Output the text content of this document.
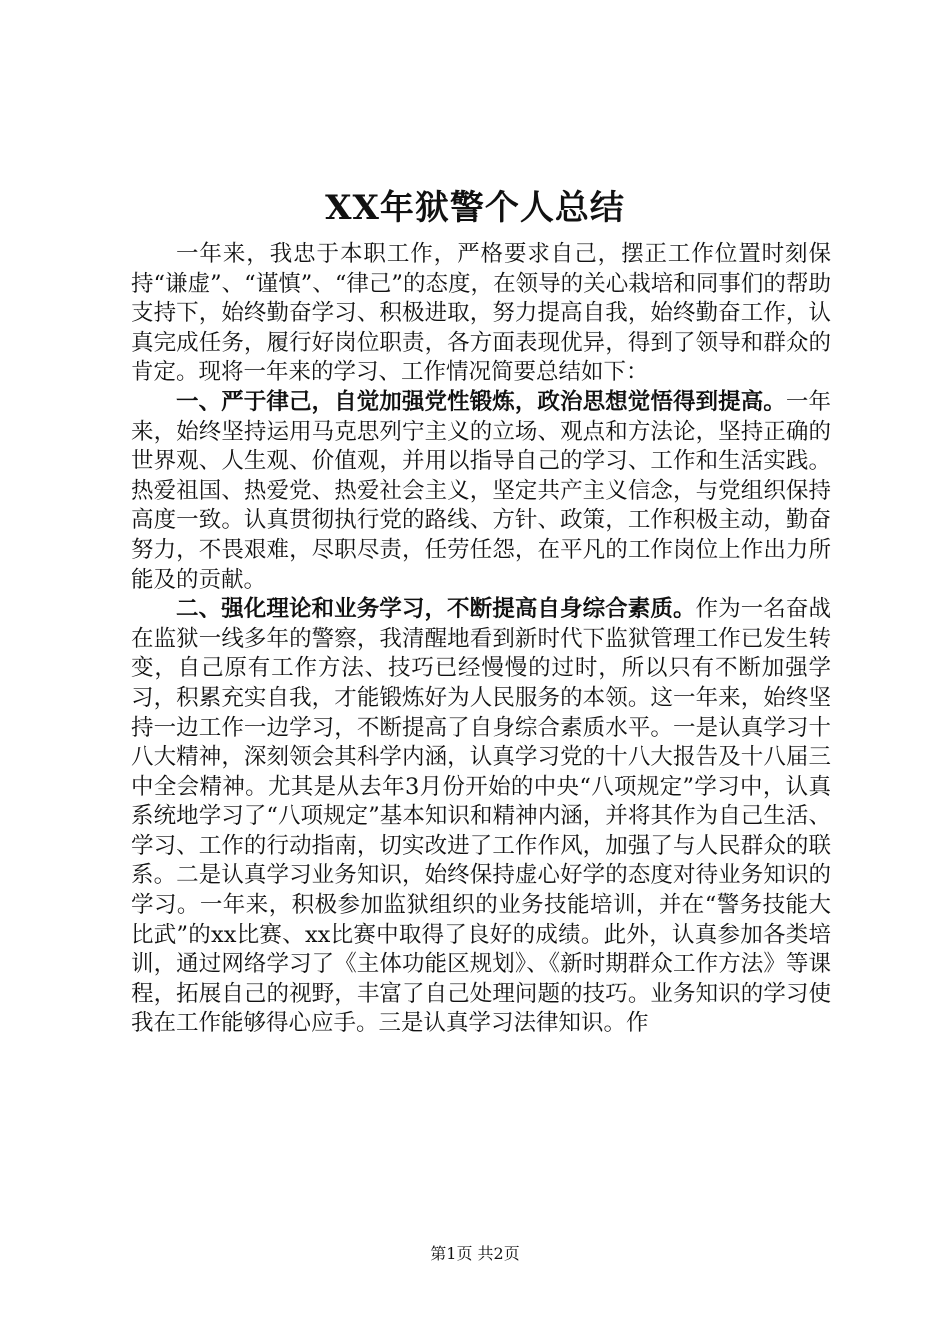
XX年狱警个人总结

一年来，我忠于本职工作，严格要求自己，摆正工作位置时刻保持“谦虚”、“谨慎”、“律己”的态度，在领导的关心栽培和同事们的帮助支持下，始终勤奋学习、积极进取，努力提高自我，始终勤奋工作，认真完成任务，履行好岗位职责，各方面表现优异，得到了领导和群众的肯定。现将一年来的学习、工作情况简要总结如下：

一、严于律己，自觉加强党性锻炼，政治思想觉悟得到提高。一年来，始终坚持运用马克思列宁主义的立场、观点和方法论，坚持正确的世界观、人生观、价值观，并用以指导自己的学习、工作和生活实践。热爱祖国、热爱党、热爱社会主义，坚定共产主义信念，与党组织保持高度一致。认真贯彻执行党的路线、方针、政策，工作积极主动，勤奋努力，不畏艰难，尽职尽责，任劳任怨，在平凡的工作岗位上作出力所能及的贡献。

二、强化理论和业务学习，不断提高自身综合素质。作为一名奋战在监狱一线多年的警察，我清醒地看到新时代下监狱管理工作已发生转变，自己原有工作方法、技巧已经慢慢的过时，所以只有不断加强学习，积累充实自我，才能锻炼好为人民服务的本领。这一年来，始终坚持一边工作一边学习，不断提高了自身综合素质水平。一是认真学习十八大精神，深刻领会其科学内涵，认真学习党的十八大报告及十八届三中全会精神。尤其是从去年3月份开始的中央“八项规定”学习中，认真系统地学习了“八项规定”基本知识和精神内涵，并将其作为自己生活、学习、工作的行动指南，切实改进了工作作风，加强了与人民群众的联系。二是认真学习业务知识，始终保持虚心好学的态度对待业务知识的学习。一年来，积极参加监狱组织的业务技能培训，并在“警务技能大比武”的xx比赛、xx比赛中取得了良好的成绩。此外，认真参加各类培训，通过网络学习了《主体功能区规划》、《新时期群众工作方法》等课程，拓展自己的视野，丰富了自己处理问题的技巧。业务知识的学习使我在工作能够得心应手。三是认真学习法律知识。作

第1页 共2页
